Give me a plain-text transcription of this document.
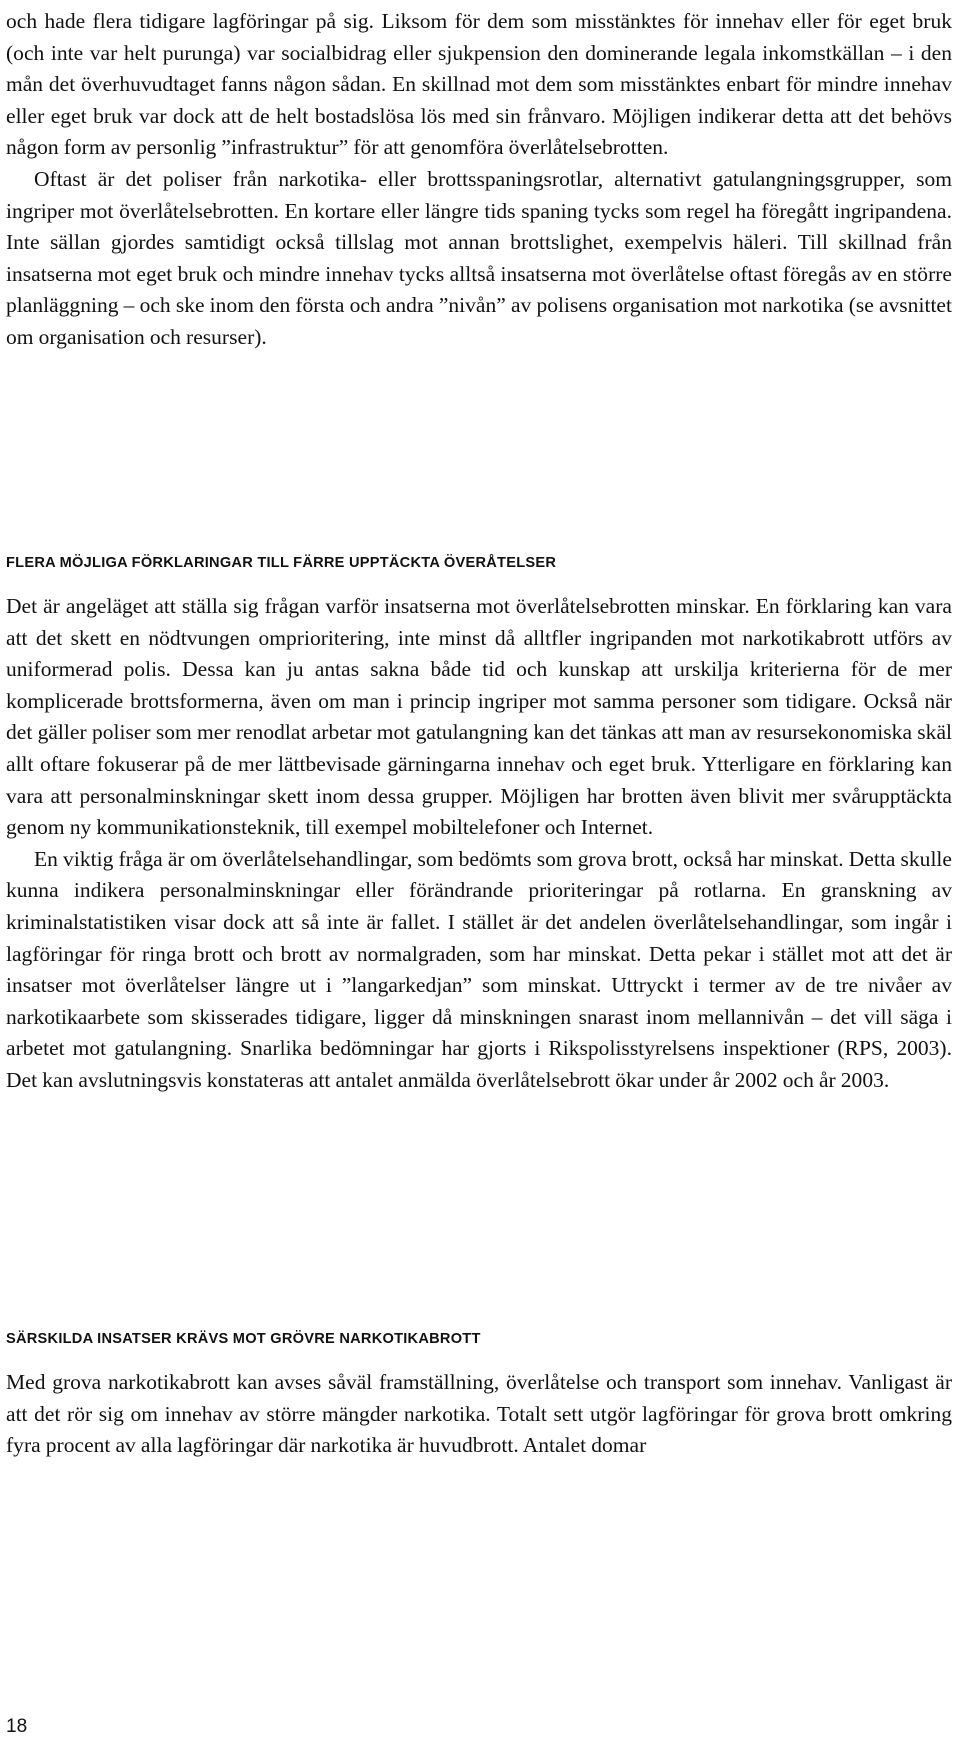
och hade flera tidigare lagföringar på sig. Liksom för dem som misstänktes för innehav eller för eget bruk (och inte var helt purunga) var socialbidrag eller sjukpension den dominerande legala inkomstkällan – i den mån det överhuvudtaget fanns någon sådan. En skillnad mot dem som misstänktes enbart för mindre innehav eller eget bruk var dock att de helt bostadslösa lös med sin frånvaro. Möjligen indikerar detta att det behövs någon form av personlig ”infrastruktur” för att genomföra överlåtelsebrotten.

Oftast är det poliser från narkotika- eller brottsspaningsrotlar, alternativt gatulangningsgrupper, som ingriper mot överlåtelsebrotten. En kortare eller längre tids spaning tycks som regel ha föregått ingripandena. Inte sällan gjordes samtidigt också tillslag mot annan brottslighet, exempelvis häleri. Till skillnad från insatserna mot eget bruk och mindre innehav tycks alltså insatserna mot överlåtelse oftast föregås av en större planläggning – och ske inom den första och andra ”nivån” av polisens organisation mot narkotika (se avsnittet om organisation och resurser).

FLERA MÖJLIGA FÖRKLARINGAR TILL FÄRRE UPPTÄCKTA ÖVERÅTELSER

Det är angeläget att ställa sig frågan varför insatserna mot överlåtelsebrotten minskar. En förklaring kan vara att det skett en nödtvungen omprioritering, inte minst då alltfler ingripanden mot narkotikabrott utförs av uniformerad polis. Dessa kan ju antas sakna både tid och kunskap att urskilja kriterierna för de mer komplicerade brottsformerna, även om man i princip ingriper mot samma personer som tidigare. Också när det gäller poliser som mer renodlat arbetar mot gatulangning kan det tänkas att man av resursekonomiska skäl allt oftare fokuserar på de mer lättbevisade gärningarna innehav och eget bruk. Ytterligare en förklaring kan vara att personalminskningar skett inom dessa grupper. Möjligen har brotten även blivit mer svårupptäckta genom ny kommunikationsteknik, till exempel mobiltelefoner och Internet.

En viktig fråga är om överlåtelsehandlingar, som bedömts som grova brott, också har minskat. Detta skulle kunna indikera personalminskningar eller förändrande prioriteringar på rotlarna. En granskning av kriminalstatistiken visar dock att så inte är fallet. I stället är det andelen överlåtelsehandlingar, som ingår i lagföringar för ringa brott och brott av normalgraden, som har minskat. Detta pekar i stället mot att det är insatser mot överlåtelser längre ut i ”langarkedjan” som minskat. Uttryckt i termer av de tre nivåer av narkotikaarbete som skisserades tidigare, ligger då minskningen snarast inom mellannivån – det vill säga i arbetet mot gatulangning. Snarlika bedömningar har gjorts i Rikspolisstyrelsens inspektioner (RPS, 2003). Det kan avslutningsvis konstateras att antalet anmälda överlåtelsebrott ökar under år 2002 och år 2003.

SÄRSKILDA INSATSER KRÄVS MOT GRÖVRE NARKOTIKABROTT

Med grova narkotikabrott kan avses såväl framställning, överlåtelse och transport som innehav. Vanligast är att det rör sig om innehav av större mängder narkotika. Totalt sett utgör lagföringar för grova brott omkring fyra procent av alla lagföringar där narkotika är huvudbrott. Antalet domar

18
